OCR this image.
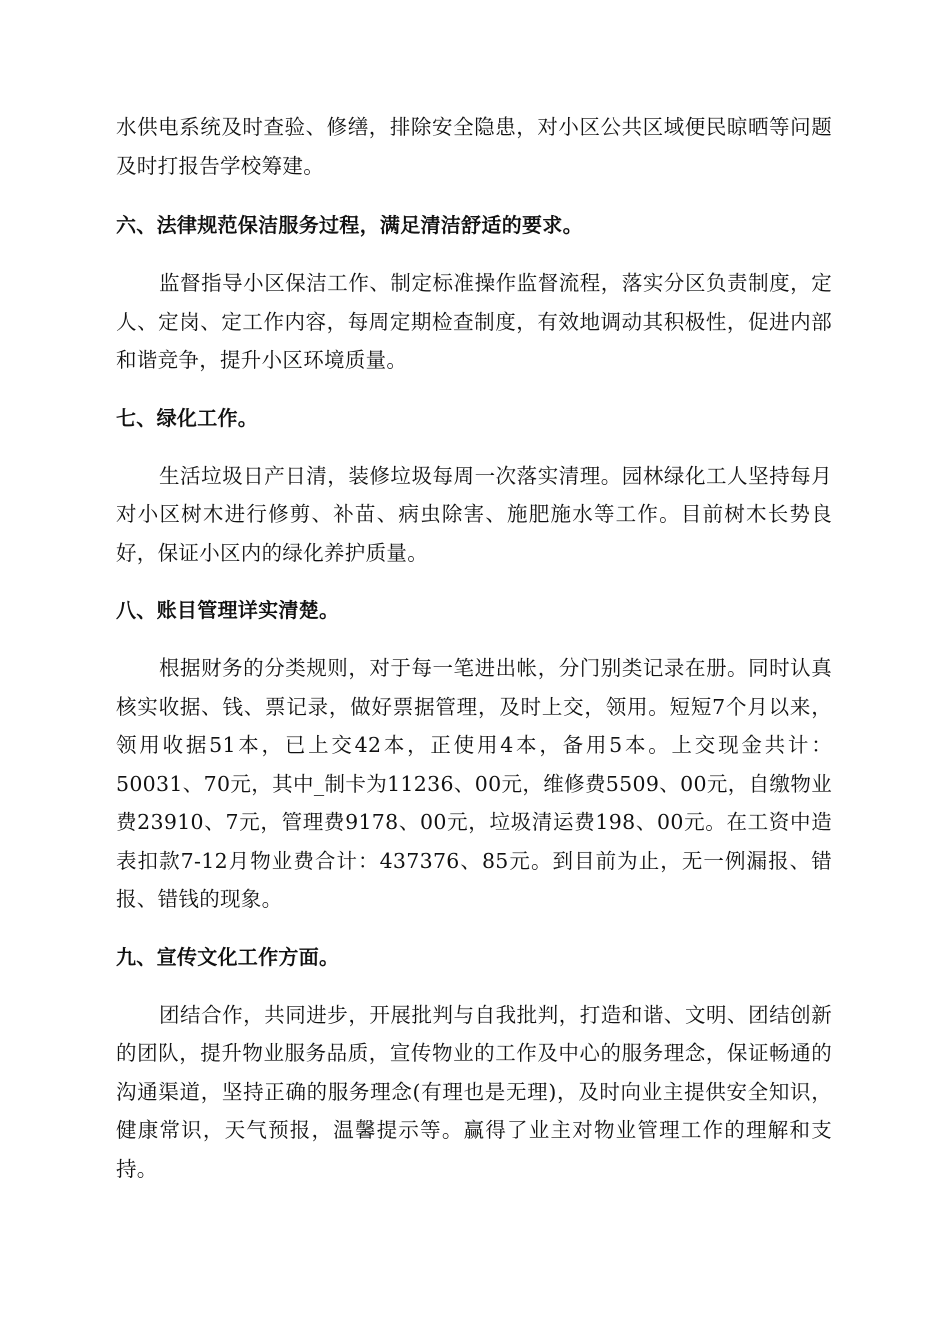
水供电系统及时查验、修缮，排除安全隐患，对小区公共区域便民晾晒等问题及时打报告学校筹建。

六、法律规范保洁服务过程，满足清洁舒适的要求。

监督指导小区保洁工作、制定标准操作监督流程，落实分区负责制度，定人、定岗、定工作内容，每周定期检查制度，有效地调动其积极性，促进内部和谐竞争，提升小区环境质量。

七、绿化工作。

生活垃圾日产日清，装修垃圾每周一次落实清理。园林绿化工人坚持每月对小区树木进行修剪、补苗、病虫除害、施肥施水等工作。目前树木长势良好，保证小区内的绿化养护质量。

八、账目管理详实清楚。

根据财务的分类规则，对于每一笔进出帐，分门别类记录在册。同时认真核实收据、钱、票记录，做好票据管理，及时上交，领用。短短7个月以来，领用收据51本，已上交42本，正使用4本，备用5本。上交现金共计：50031、70元，其中_制卡为11236、00元，维修费5509、00元，自缴物业费23910、7元，管理费9178、00元，垃圾清运费198、00元。在工资中造表扣款7-12月物业费合计：437376、85元。到目前为止，无一例漏报、错报、错钱的现象。

九、宣传文化工作方面。

团结合作，共同进步，开展批判与自我批判，打造和谐、文明、团结创新的团队，提升物业服务品质，宣传物业的工作及中心的服务理念，保证畅通的沟通渠道，坚持正确的服务理念(有理也是无理)，及时向业主提供安全知识，健康常识，天气预报，温馨提示等。赢得了业主对物业管理工作的理解和支持。
